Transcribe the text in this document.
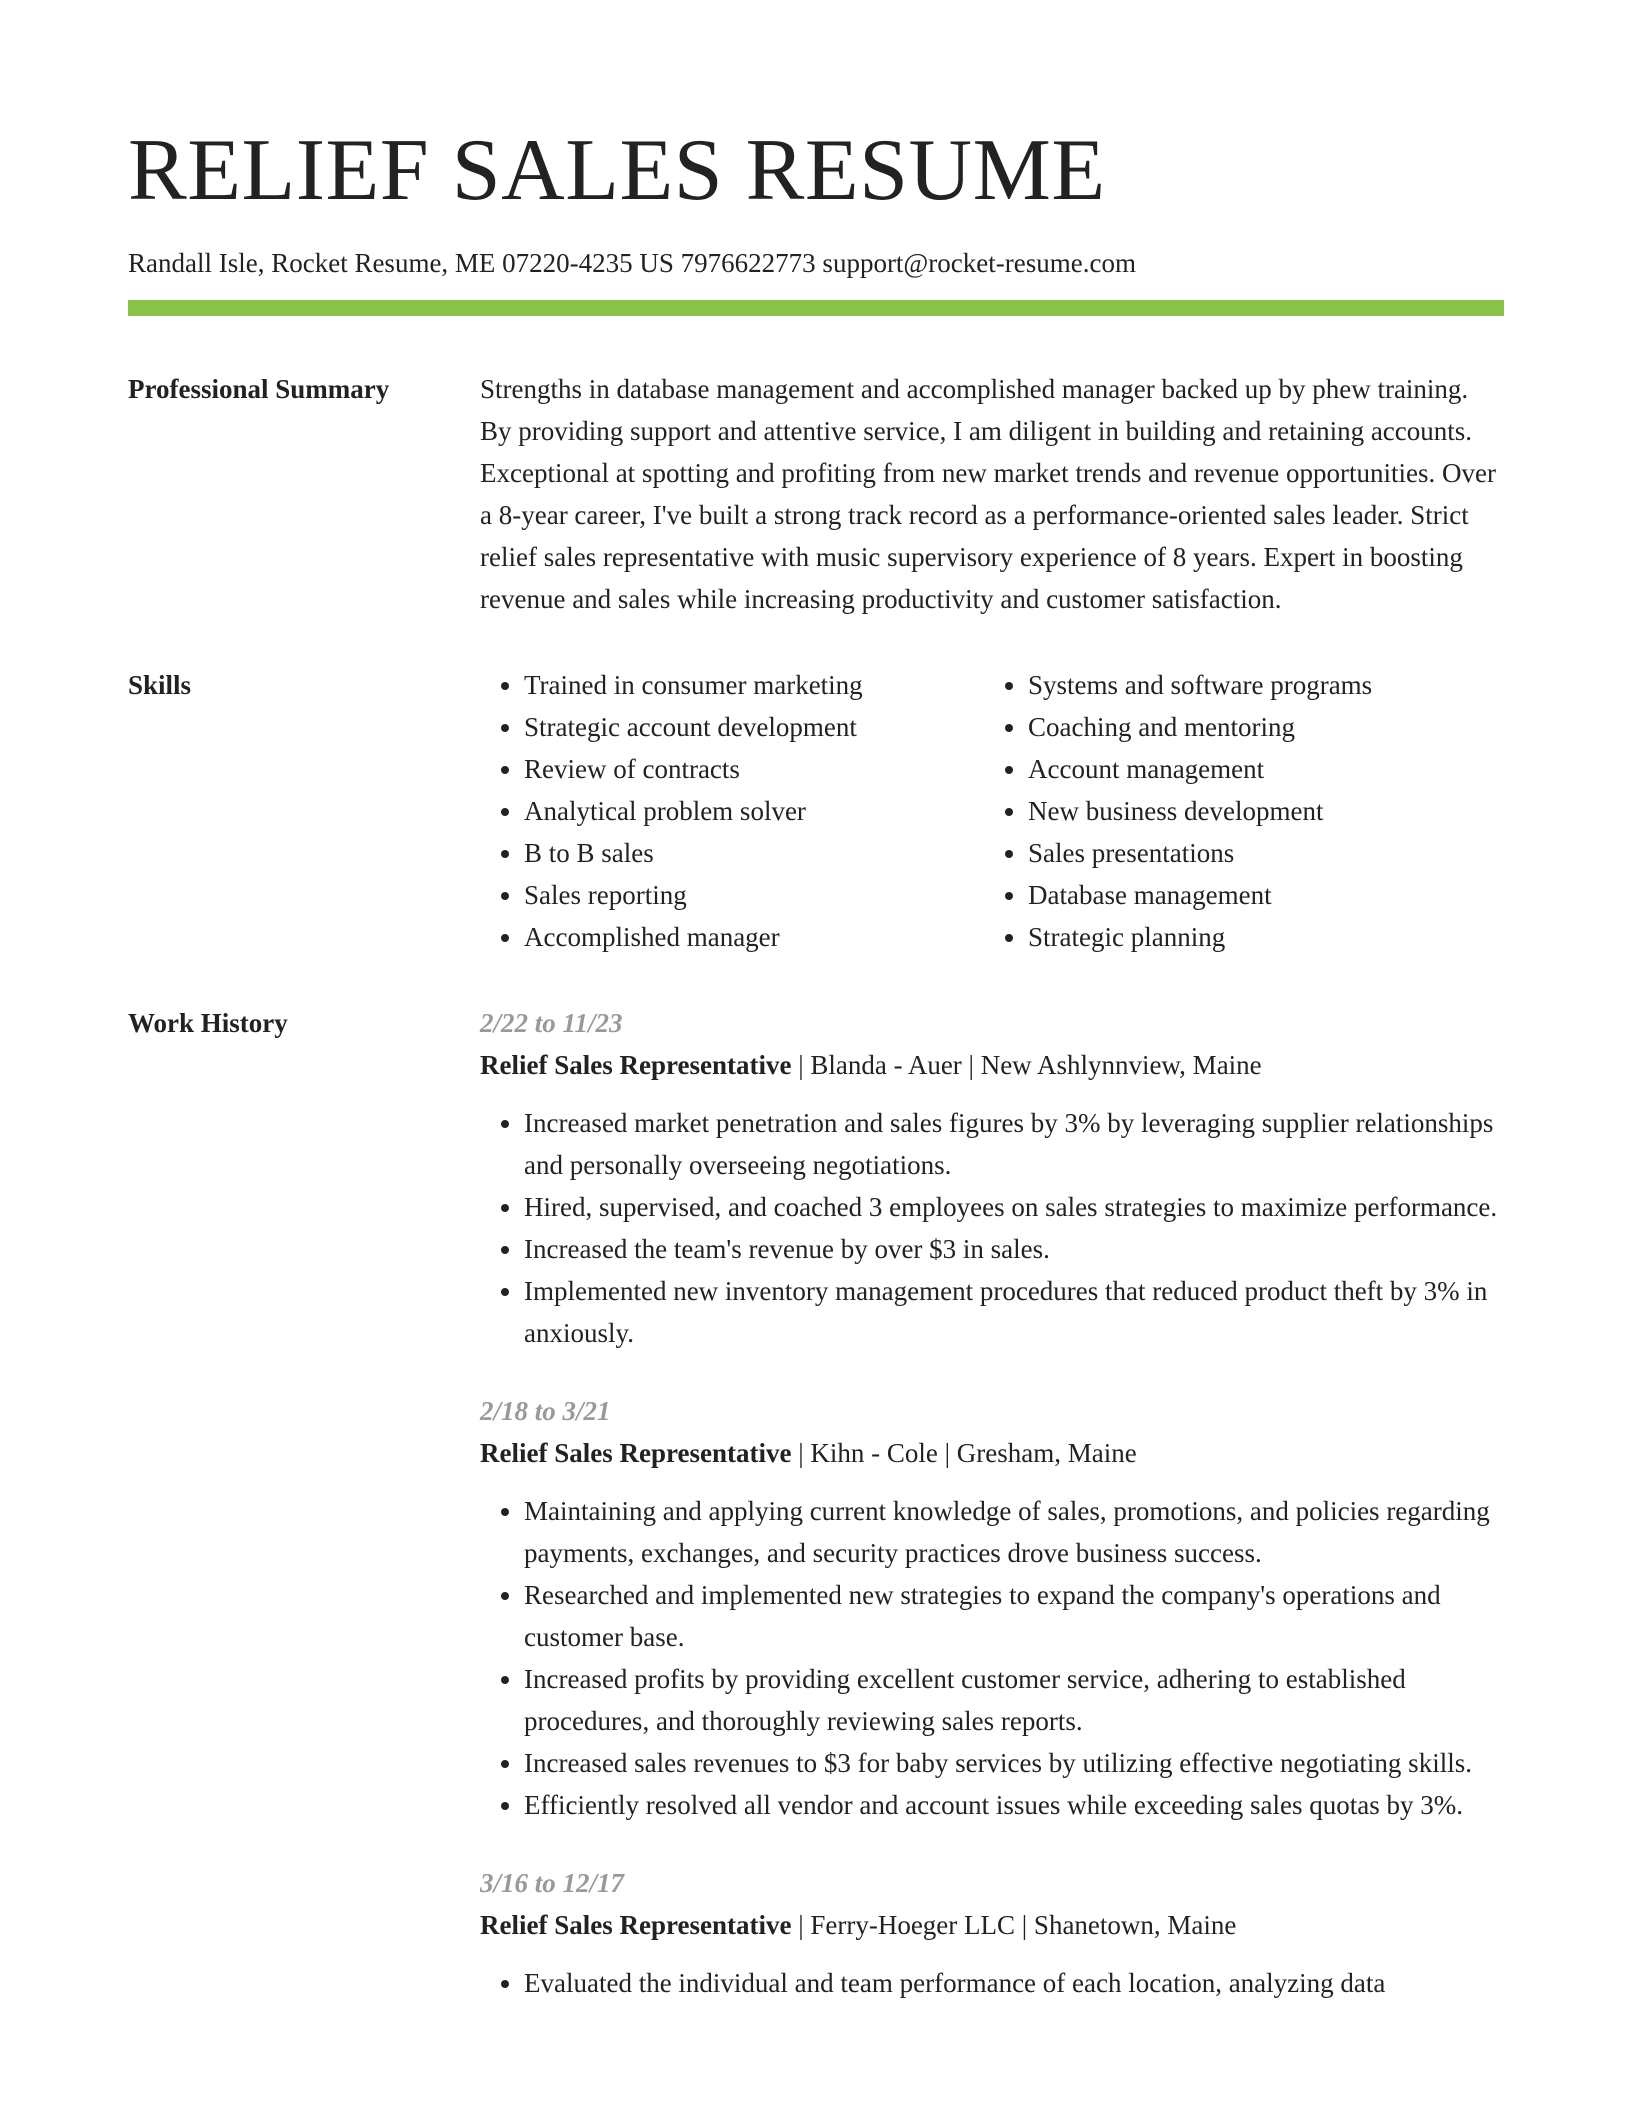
RELIEF SALES RESUME
Randall Isle, Rocket Resume, ME 07220-4235 US 7976622773 support@rocket-resume.com
Professional Summary	Strengths in database management and accomplished manager backed up by phew training. By providing support and attentive service, I am diligent in building and retaining accounts. Exceptional at spotting and profiting from new market trends and revenue opportunities. Over a 8-year career, I've built a strong track record as a performance-oriented sales leader. Strict relief sales representative with music supervisory experience of 8 years. Expert in boosting revenue and sales while increasing productivity and customer satisfaction.

Skills
•	Trained in consumer marketing
• Strategic account development
• Review of contracts
• Analytical problem solver
• B to B sales
• Sales reporting
• Accomplished manager
• Systems and software programs
• Coaching and mentoring
• Account management
• New business development
• Sales presentations
• Database management
• Strategic planning
Work History	2/22 to 11/23
Relief Sales Representative | Blanda - Auer | New Ashlynnview, Maine
• Increased market penetration and sales figures by 3% by leveraging supplier relationships and personally overseeing negotiations.
• Hired, supervised, and coached 3 employees on sales strategies to maximize performance.
• Increased the team's revenue by over $3 in sales.
• Implemented new inventory management procedures that reduced product theft by 3% in anxiously.
2/18 to 3/21
Relief Sales Representative | Kihn - Cole | Gresham, Maine
• Maintaining and applying current knowledge of sales, promotions, and policies regarding payments, exchanges, and security practices drove business success.
• Researched and implemented new strategies to expand the company's operations and customer base.
• Increased profits by providing excellent customer service, adhering to established procedures, and thoroughly reviewing sales reports.
• Increased sales revenues to $3 for baby services by utilizing effective negotiating skills.
• Efficiently resolved all vendor and account issues while exceeding sales quotas by 3%.
3/16 to 12/17
Relief Sales Representative | Ferry-Hoeger LLC | Shanetown, Maine
• Evaluated the individual and team performance of each location, analyzing data
